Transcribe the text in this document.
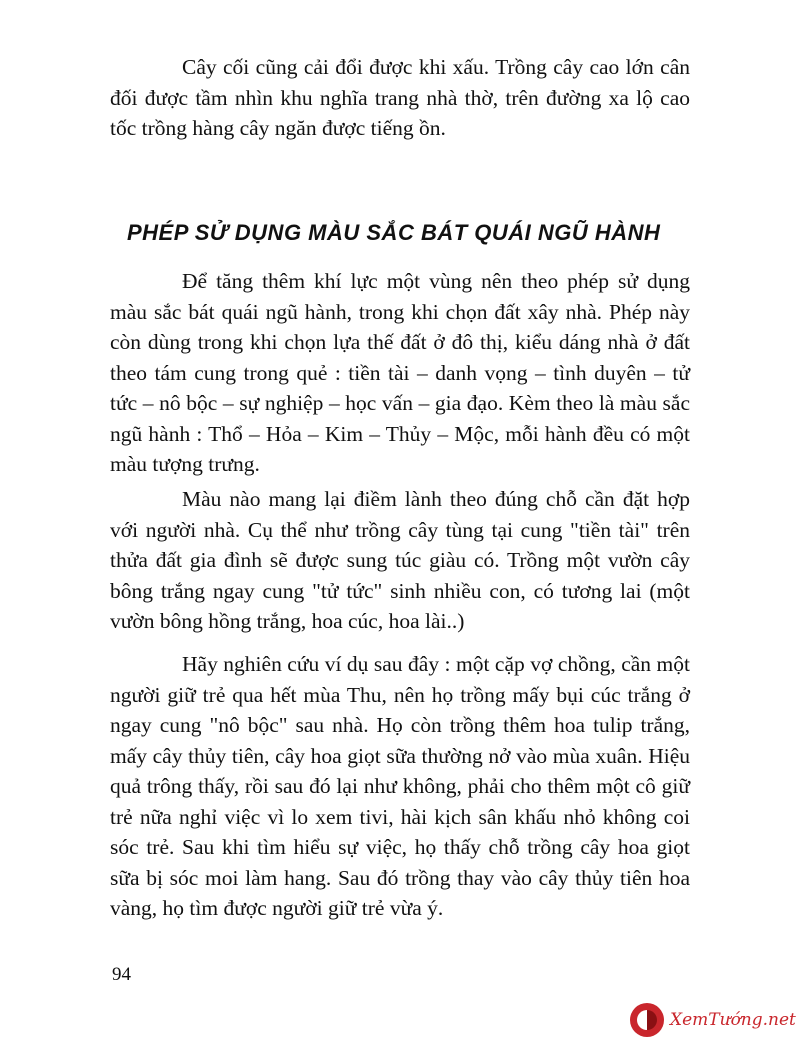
Cây cối cũng cải đổi được khi xấu. Trồng cây cao lớn cân đối được tầm nhìn khu nghĩa trang nhà thờ, trên đường xa lộ cao tốc trồng hàng cây ngăn được tiếng ồn.

PHÉP SỬ DỤNG MÀU SẮC BÁT QUÁI NGŨ HÀNH

Để tăng thêm khí lực một vùng nên theo phép sử dụng màu sắc bát quái ngũ hành, trong khi chọn đất xây nhà. Phép này còn dùng trong khi chọn lựa thế đất ở đô thị, kiểu dáng nhà ở đất theo tám cung trong quẻ : tiền tài – danh vọng – tình duyên – tử tức – nô bộc – sự nghiệp – học vấn – gia đạo. Kèm theo là màu sắc ngũ hành : Thổ – Hỏa – Kim – Thủy – Mộc, mỗi hành đều có một màu tượng trưng.

Màu nào mang lại điềm lành theo đúng chỗ cần đặt hợp với người nhà. Cụ thể như trồng cây tùng tại cung "tiền tài" trên thửa đất gia đình sẽ được sung túc giàu có. Trồng một vườn cây bông trắng ngay cung "tử tức" sinh nhiều con, có tương lai (một vườn bông hồng trắng, hoa cúc, hoa lài..)

Hãy nghiên cứu ví dụ sau đây : một cặp vợ chồng, cần một người giữ trẻ qua hết mùa Thu, nên họ trồng mấy bụi cúc trắng ở ngay cung "nô bộc" sau nhà. Họ còn trồng thêm hoa tulip trắng, mấy cây thủy tiên, cây hoa giọt sữa thường nở vào mùa xuân. Hiệu quả trông thấy, rồi sau đó lại như không, phải cho thêm một cô giữ trẻ nữa nghỉ việc vì lo xem tivi, hài kịch sân khấu nhỏ không coi sóc trẻ. Sau khi tìm hiểu sự việc, họ thấy chỗ trồng cây hoa giọt sữa bị sóc moi làm hang. Sau đó trồng thay vào cây thủy tiên hoa vàng, họ tìm được người giữ trẻ vừa ý.

94
XemTướng.net
